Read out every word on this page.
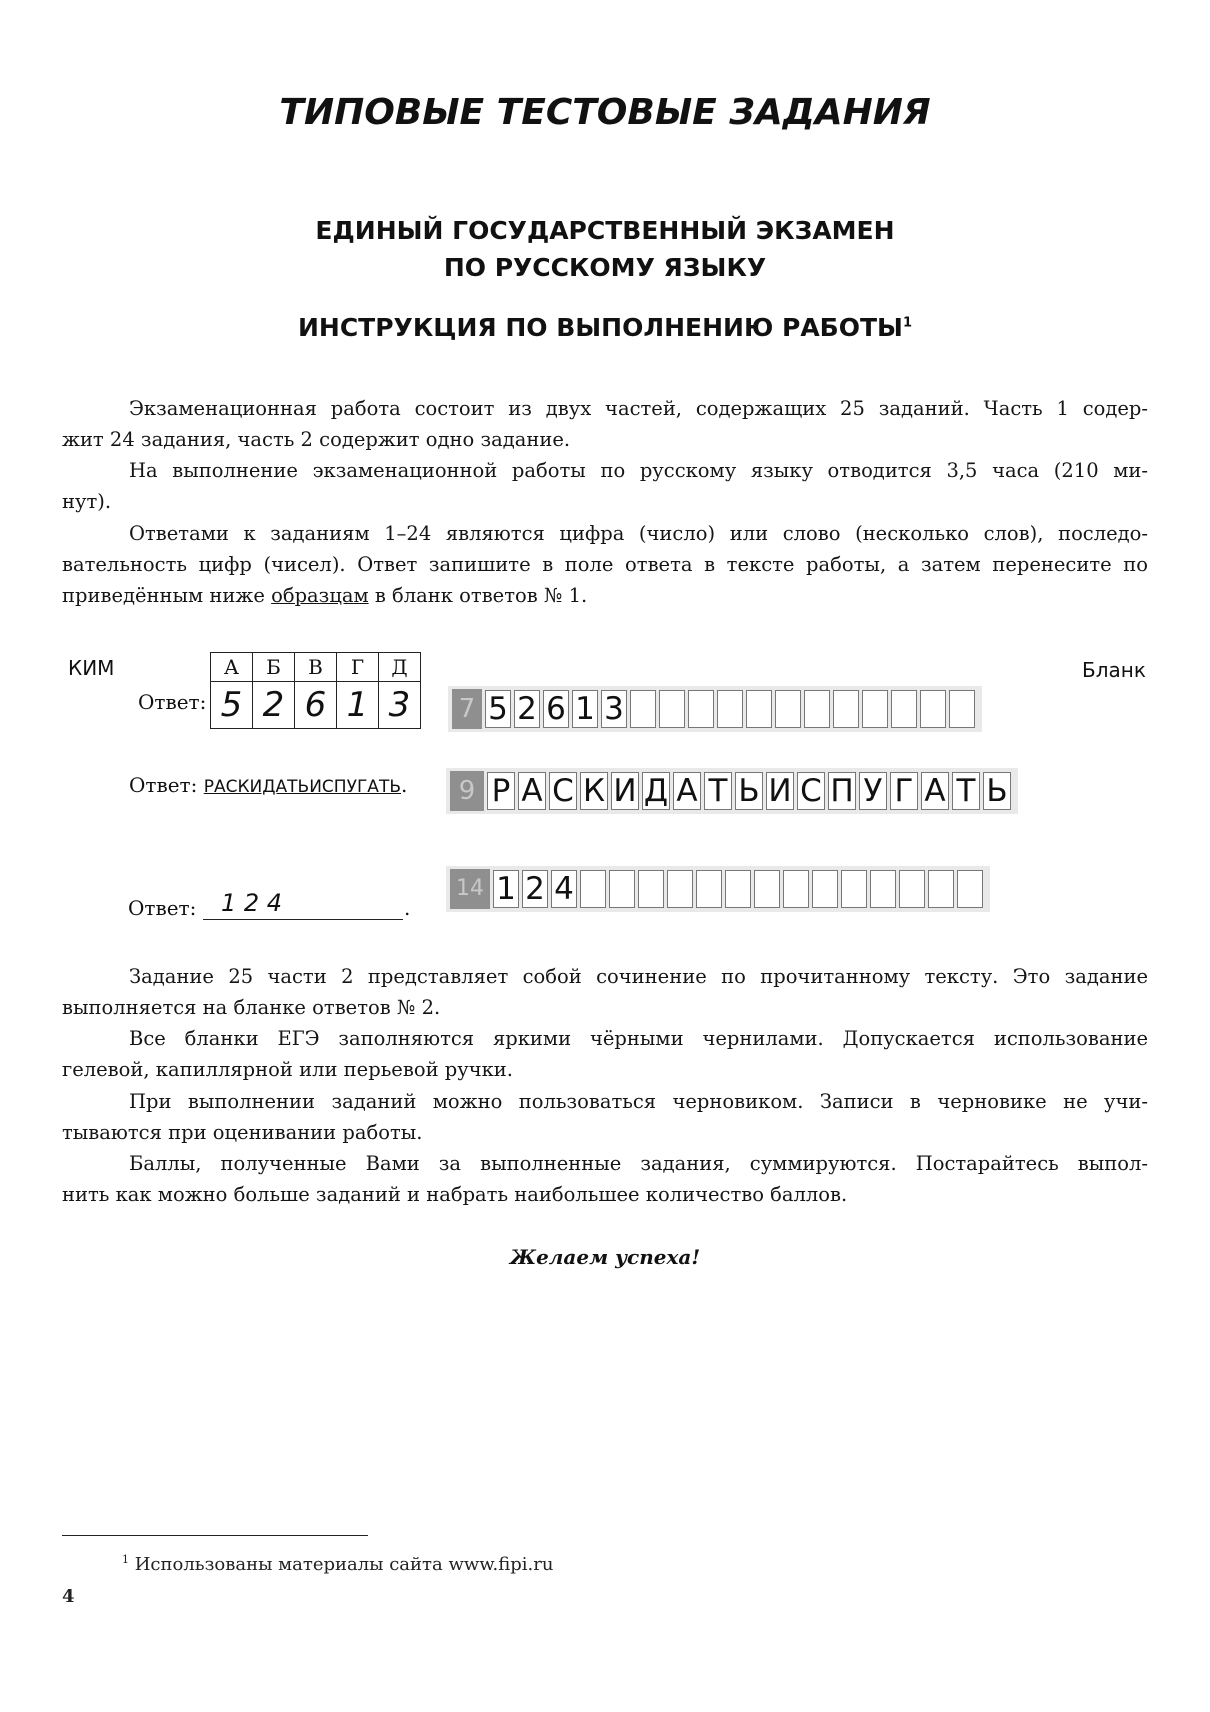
ТИПОВЫЕ ТЕСТОВЫЕ ЗАДАНИЯ
ЕДИНЫЙ ГОСУДАРСТВЕННЫЙ ЭКЗАМЕН
ПО РУССКОМУ ЯЗЫКУ
ИНСТРУКЦИЯ ПО ВЫПОЛНЕНИЮ РАБОТЫ$^1$
Экзаменационная работа состоит из двух частей, содержащих 25 заданий. Часть 1 содер-
жит 24 задания, часть 2 содержит одно задание.
На выполнение экзаменационной работы по русскому языку отводится 3,5 часа (210 ми-
нут).
Ответами к заданиям 1–24 являются цифра (число) или слово (несколько слов), последо-
вательность цифр (чисел). Ответ запишите в поле ответа в тексте работы, а затем перенесите по
приведённым ниже образцам в бланк ответов № 1.
КИМ	Бланк
Ответ:
А	Б	В	Г	Д
5	2	6	1	3 7 5 2 6 1 3
Ответ: РАСКИДАТЬИСПУГАТЬ.	9 Р А С К И Д А Т Ь И С П У Г А Т Ь
Ответ:	1 2 4	.
14 1 2 4
Задание 25 части 2 представляет собой сочинение по прочитанному тексту. Это задание
выполняется на бланке ответов № 2.
Все бланки ЕГЭ заполняются яркими чёрными чернилами. Допускается использование
гелевой, капиллярной или перьевой ручки.
При выполнении заданий можно пользоваться черновиком. Записи в черновике не учи-
тываются при оценивании работы.
Баллы, полученные Вами за выполненные задания, суммируются. Постарайтесь выпол-
нить как можно больше заданий и набрать наибольшее количество баллов.
Желаем успеха!
$^1$ Использованы материалы сайта www.fipi.ru
4
